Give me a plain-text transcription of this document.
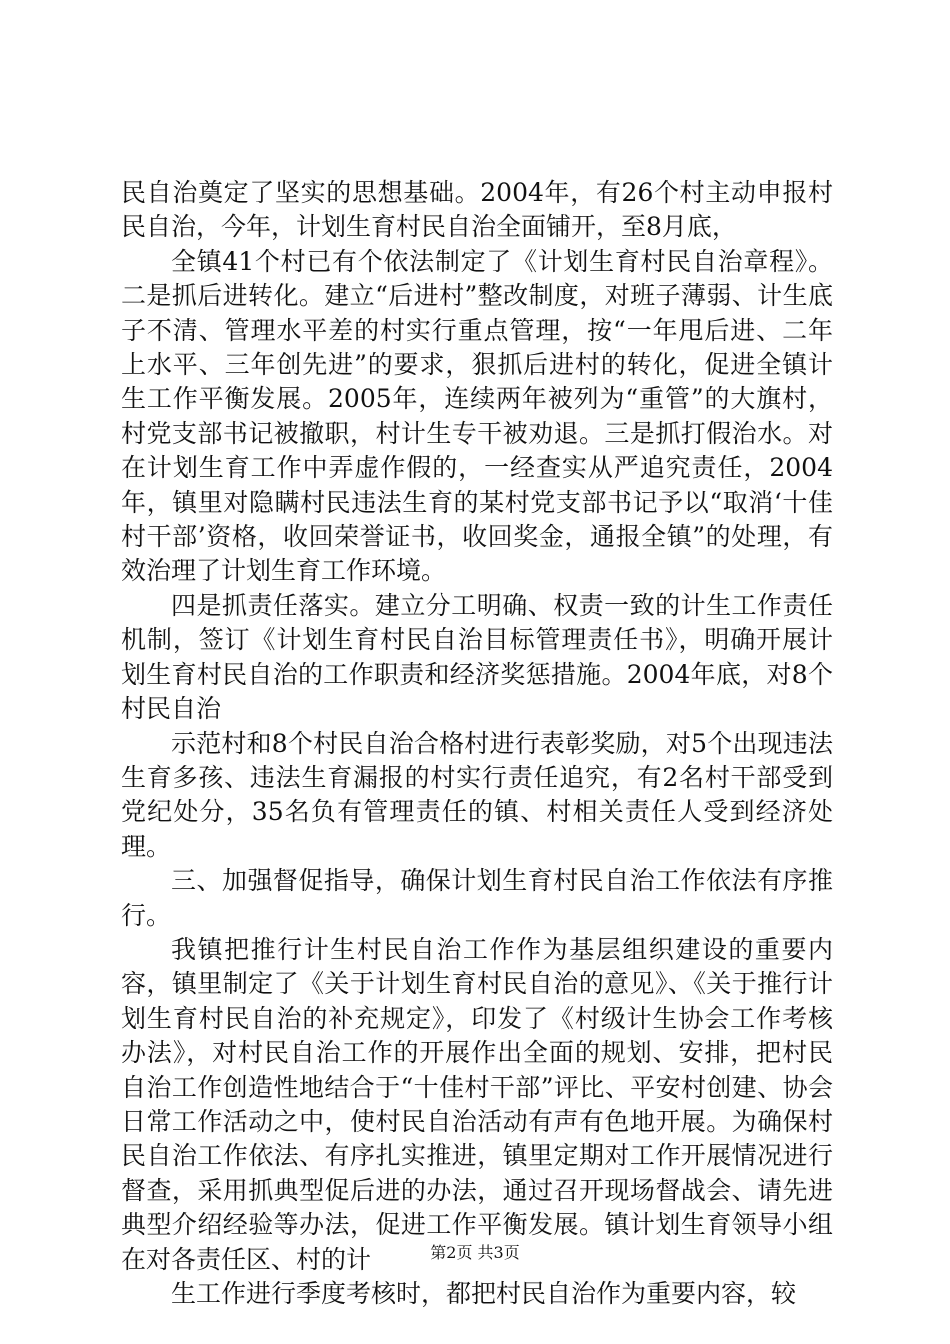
民自治奠定了坚实的思想基础。2004年，有26个村主动申报村民自治，今年，计划生育村民自治全面铺开，至8月底，

全镇41个村已有个依法制定了《计划生育村民自治章程》。二是抓后进转化。建立“后进村”整改制度，对班子薄弱、计生底子不清、管理水平差的村实行重点管理，按“一年甩后进、二年上水平、三年创先进”的要求，狠抓后进村的转化，促进全镇计生工作平衡发展。2005年，连续两年被列为“重管”的大旗村，村党支部书记被撤职，村计生专干被劝退。三是抓打假治水。对在计划生育工作中弄虚作假的，一经查实从严追究责任，2004年，镇里对隐瞒村民违法生育的某村党支部书记予以“取消‘十佳村干部’资格，收回荣誉证书，收回奖金，通报全镇”的处理，有效治理了计划生育工作环境。

四是抓责任落实。建立分工明确、权责一致的计生工作责任机制，签订《计划生育村民自治目标管理责任书》，明确开展计划生育村民自治的工作职责和经济奖惩措施。2004年底，对8个村民自治

示范村和8个村民自治合格村进行表彰奖励，对5个出现违法生育多孩、违法生育漏报的村实行责任追究，有2名村干部受到党纪处分，35名负有管理责任的镇、村相关责任人受到经济处理。

三、加强督促指导，确保计划生育村民自治工作依法有序推行。

我镇把推行计生村民自治工作作为基层组织建设的重要内容，镇里制定了《关于计划生育村民自治的意见》、《关于推行计划生育村民自治的补充规定》，印发了《村级计生协会工作考核办法》，对村民自治工作的开展作出全面的规划、安排，把村民自治工作创造性地结合于“十佳村干部”评比、平安村创建、协会日常工作活动之中，使村民自治活动有声有色地开展。为确保村民自治工作依法、有序扎实推进，镇里定期对工作开展情况进行督查，采用抓典型促后进的办法，通过召开现场督战会、请先进典型介绍经验等办法，促进工作平衡发展。镇计划生育领导小组在对各责任区、村的计

生工作进行季度考核时，都把村民自治作为重要内容，较

第2页 共3页
